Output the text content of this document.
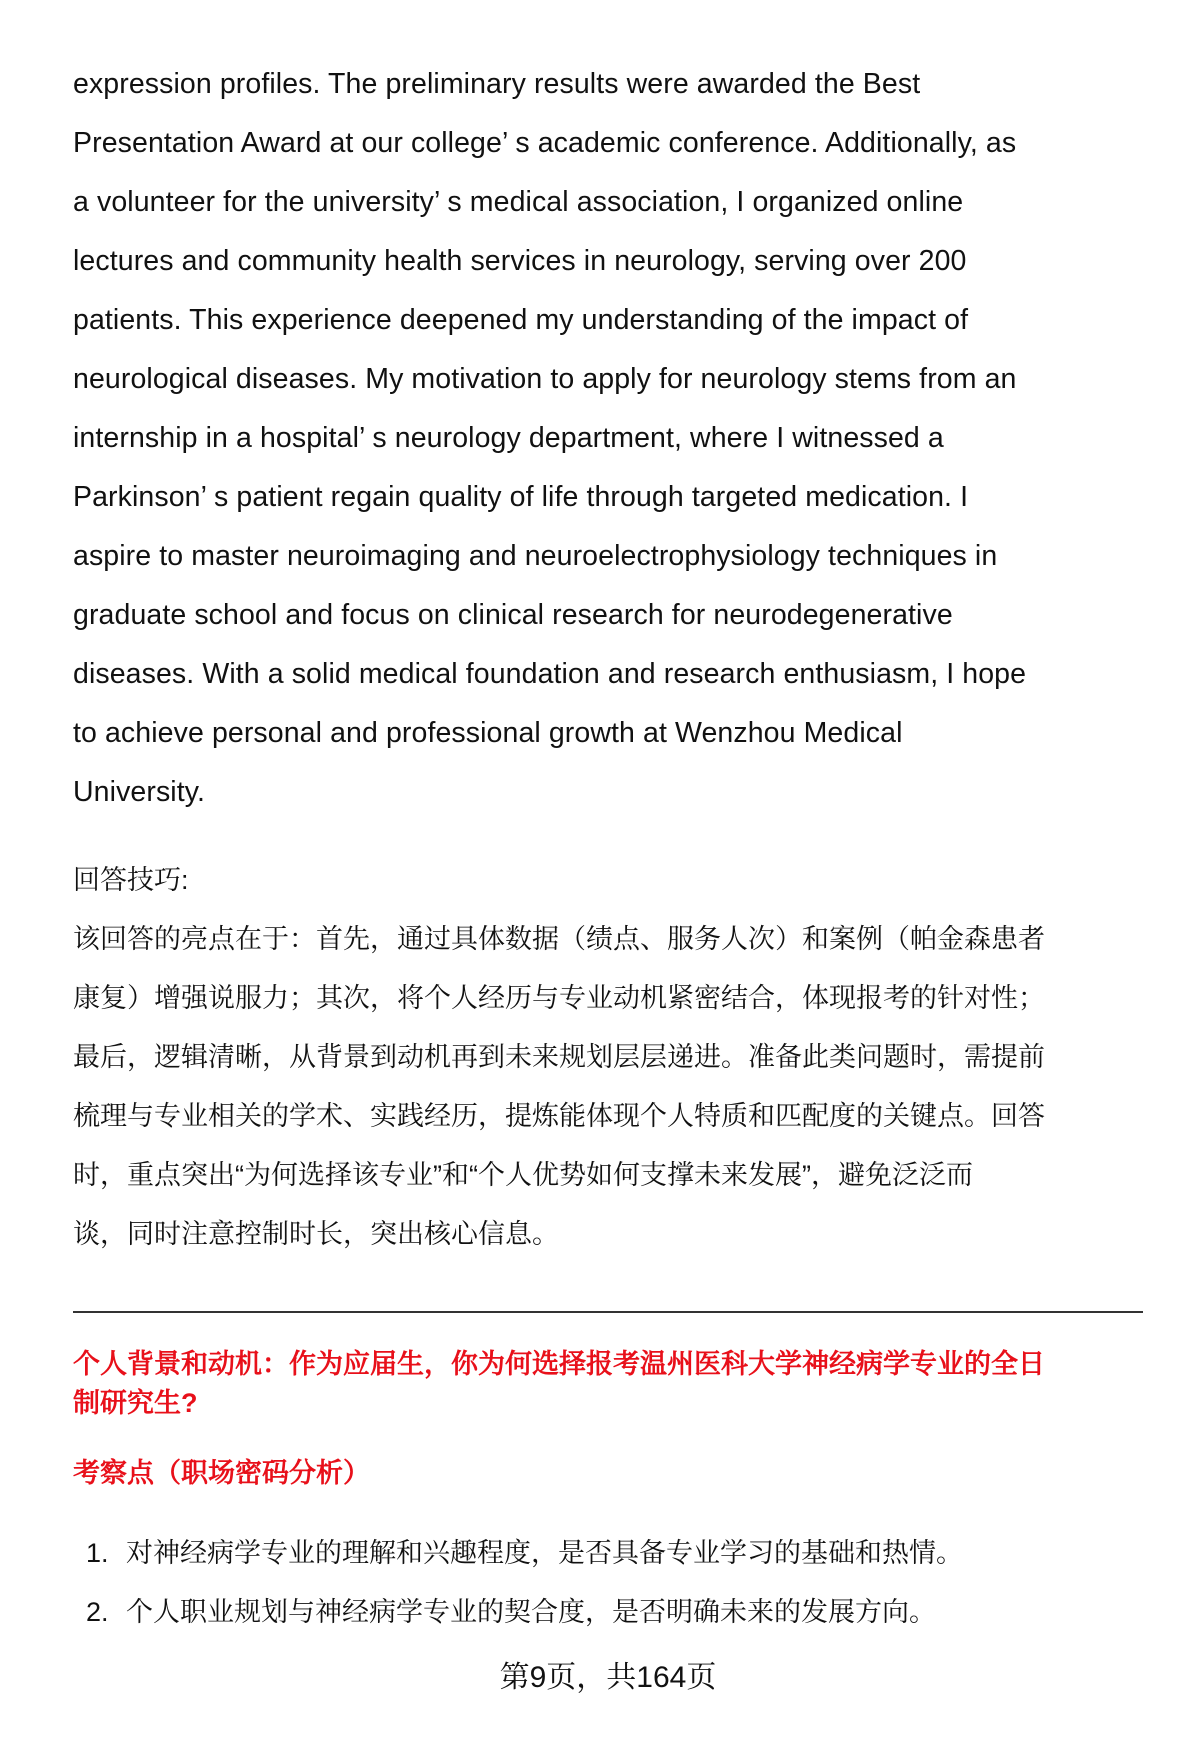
expression profiles. The preliminary results were awarded the Best
Presentation Award at our college’ s academic conference. Additionally, as
a volunteer for the university’ s medical association, I organized online
lectures and community health services in neurology, serving over 200
patients. This experience deepened my understanding of the impact of
neurological diseases. My motivation to apply for neurology stems from an
internship in a hospital’ s neurology department, where I witnessed a
Parkinson’ s patient regain quality of life through targeted medication. I
aspire to master neuroimaging and neuroelectrophysiology techniques in
graduate school and focus on clinical research for neurodegenerative
diseases. With a solid medical foundation and research enthusiasm, I hope
to achieve personal and professional growth at Wenzhou Medical
University.
回答技巧:
该回答的亮点在于：首先，通过具体数据（绩点、服务人次）和案例（帕金森患者
康复）增强说服力；其次，将个人经历与专业动机紧密结合，体现报考的针对性；
最后，逻辑清晰，从背景到动机再到未来规划层层递进。准备此类问题时，需提前
梳理与专业相关的学术、实践经历，提炼能体现个人特质和匹配度的关键点。回答
时，重点突出“为何选择该专业”和“个人优势如何支撑未来发展”，避免泛泛而
谈，同时注意控制时长，突出核心信息。
个人背景和动机：作为应届生，你为何选择报考温州医科大学神经病学专业的全日
制研究生?
考察点（职场密码分析）
1. 对神经病学专业的理解和兴趣程度，是否具备专业学习的基础和热情。
2. 个人职业规划与神经病学专业的契合度，是否明确未来的发展方向。
第9页，共164页
